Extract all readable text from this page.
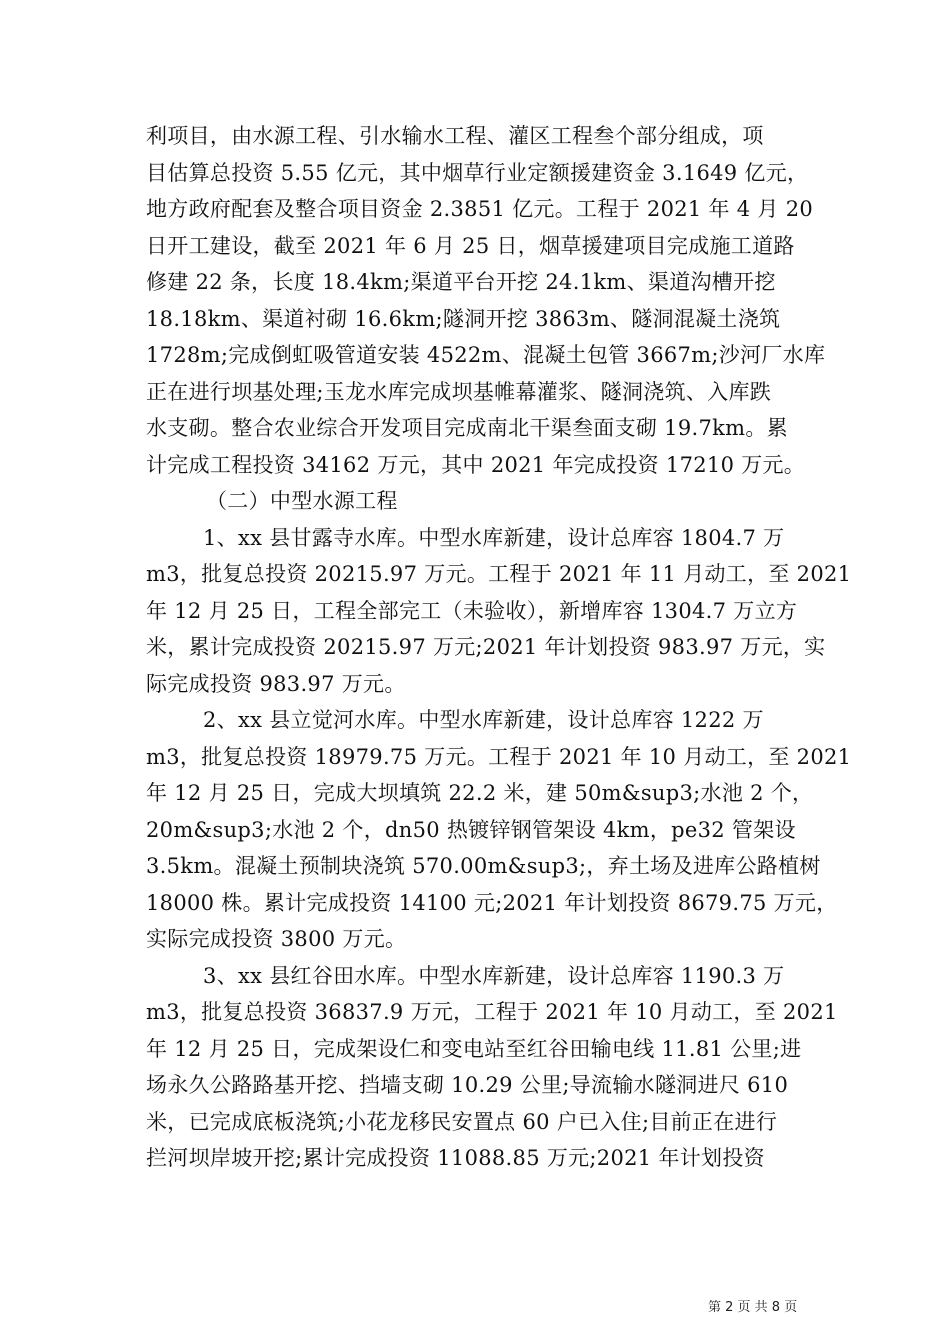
利项目，由水源工程、引水输水工程、灌区工程叁个部分组成，项
目估算总投资 5.55 亿元，其中烟草行业定额援建资金 3.1649 亿元，
地方政府配套及整合项目资金 2.3851 亿元。工程于 2021 年 4 月 20
日开工建设，截至 2021 年 6 月 25 日，烟草援建项目完成施工道路
修建 22 条，长度 18.4km;渠道平台开挖 24.1km、渠道沟槽开挖
18.18km、渠道衬砌 16.6km;隧洞开挖 3863m、隧洞混凝土浇筑
1728m;完成倒虹吸管道安装 4522m、混凝土包管 3667m;沙河厂水库
正在进行坝基处理;玉龙水库完成坝基帷幕灌浆、隧洞浇筑、入库跌
水支砌。整合农业综合开发项目完成南北干渠叁面支砌 19.7km。累
计完成工程投资 34162 万元，其中 2021 年完成投资 17210 万元。
（二）中型水源工程
1、xx 县甘露寺水库。中型水库新建，设计总库容 1804.7 万
m3，批复总投资 20215.97 万元。工程于 2021 年 11 月动工，至 2021
年 12 月 25 日，工程全部完工（未验收），新增库容 1304.7 万立方
米，累计完成投资 20215.97 万元;2021 年计划投资 983.97 万元，实
际完成投资 983.97 万元。
2、xx 县立觉河水库。中型水库新建，设计总库容 1222 万
m3，批复总投资 18979.75 万元。工程于 2021 年 10 月动工，至 2021
年 12 月 25 日，完成大坝填筑 22.2 米，建 50m&sup3;水池 2 个，
20m&sup3;水池 2 个，dn50 热镀锌钢管架设 4km，pe32 管架设
3.5km。混凝土预制块浇筑 570.00m&sup3;，弃土场及进库公路植树
18000 株。累计完成投资 14100 元;2021 年计划投资 8679.75 万元，
实际完成投资 3800 万元。
3、xx 县红谷田水库。中型水库新建，设计总库容 1190.3 万
m3，批复总投资 36837.9 万元，工程于 2021 年 10 月动工，至 2021
年 12 月 25 日，完成架设仁和变电站至红谷田输电线 11.81 公里;进
场永久公路路基开挖、挡墙支砌 10.29 公里;导流输水隧洞进尺 610
米，已完成底板浇筑;小花龙移民安置点 60 户已入住;目前正在进行
拦河坝岸坡开挖;累计完成投资 11088.85 万元;2021 年计划投资
第 2 页 共 8 页
